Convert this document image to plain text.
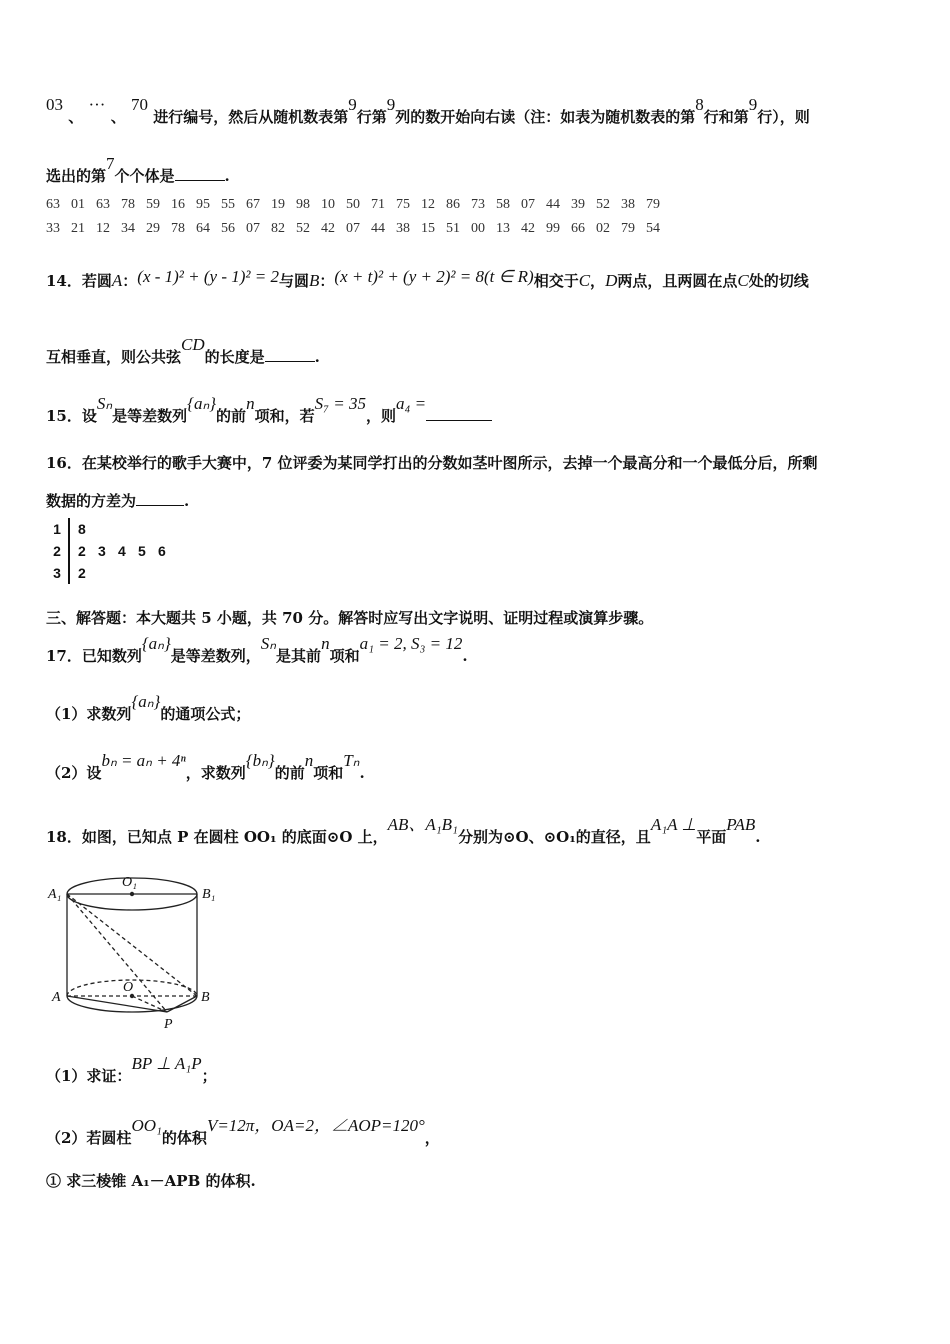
03 、 ··· 、 70 进行编号，然后从随机数表第9行第9列的数开始向右读（注：如表为随机数表的第8行和第9行），则
选出的第7个个体是	.
63 01 63 78 59 16 95 55 67 19 98 10 50 71 75 12 86 73 58 07 44 39 52 38 79
33 21 12 34 29 78 64 56 07 82 52 42 07 44 38 15 51 00 13 42 99 66 02 79 54
14．若圆A：(x - 1)² + (y - 1)² = 2与圆B：(x + t)² + (y + 2)² = 8(t ∈ R)相交于C，D两点，且两圆在点C处的切线
互相垂直，则公共弦CD的长度是	.
15．设Sₙ是等差数列{aₙ}的前n项和，若S₇ = 35，则a₄ =
16．在某校举行的歌手大赛中，7 位评委为某同学打出的分数如茎叶图所示，去掉一个最高分和一个最低分后，所剩
数据的方差为	.
1 8
2 2 3 4 5 6
3 2
三、解答题：本大题共 5 小题，共 70 分。解答时应写出文字说明、证明过程或演算步骤。
17．已知数列{aₙ}是等差数列，Sₙ是其前n项和a₁ = 2, S₃ = 12.
（1）求数列{aₙ}的通项公式；
（2）设bₙ = aₙ + 4ⁿ，求数列{bₙ}的前n项和Tₙ.
18．如图，已知点 P 在圆柱 OO₁ 的底面⊙O 上，AB、A₁B₁分别为⊙O、⊙O₁的直径，且A₁A ⊥平面PAB.
A₁
O₁
B₁
A
O
B
P
（1）求证：BP ⊥ A₁P；
（2）若圆柱OO₁的体积V=12π，OA=2，∠AOP=120°，
① 求三棱锥 A₁－APB 的体积.
